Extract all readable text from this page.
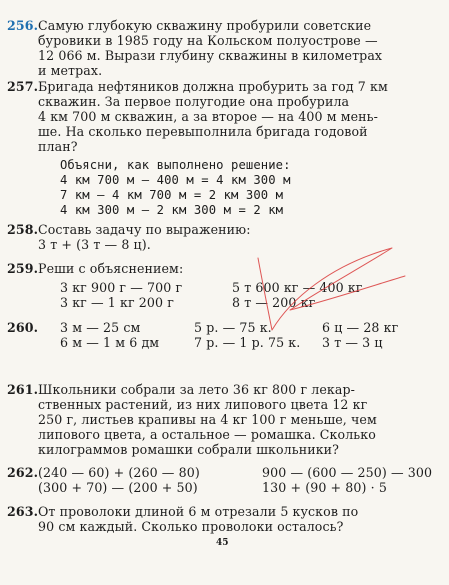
256. Самую глубокую скважину пробурили советские
буровики в 1985 году на Кольском полуострове —
12 066 м. Вырази глубину скважины в километрах
и метрах.
257. Бригада нефтяников должна пробурить за год 7 км
скважин. За первое полугодие она пробурила
4 км 700 м скважин, а за второе — на 400 м мень-
ше. На сколько перевыполнила бригада годовой
план?
Объясни, как выполнено решение:
4 км 700 м — 400 м = 4 км 300 м
7 км — 4 км 700 м = 2 км 300 м
4 км 300 м — 2 км 300 м = 2 км
258. Составь задачу по выражению:
3 т + (3 т — 8 ц).
259. Реши с объяснением:
3 кг 900 г — 700 г
3 кг — 1 кг 200 г
5 т 600 кг — 400 кг
8 т — 200 кг
260. 3 м — 25 см
6 м — 1 м 6 дм
5 р. — 75 к.
7 р. — 1 р. 75 к.
6 ц — 28 кг
3 т — 3 ц
261. Школьники собрали за лето 36 кг 800 г лекар-
ственных растений, из них липового цвета 12 кг
250 г, листьев крапивы на 4 кг 100 г меньше, чем
липового цвета, а остальное — ромашка. Сколько
килограммов ромашки собрали школьники?
262. (240 — 60) + (260 — 80)
(300 + 70) — (200 + 50)
900 — (600 — 250) — 300
130 + (90 + 80) · 5
263. От проволоки длиной 6 м отрезали 5 кусков по
90 см каждый. Сколько проволоки осталось?
45
